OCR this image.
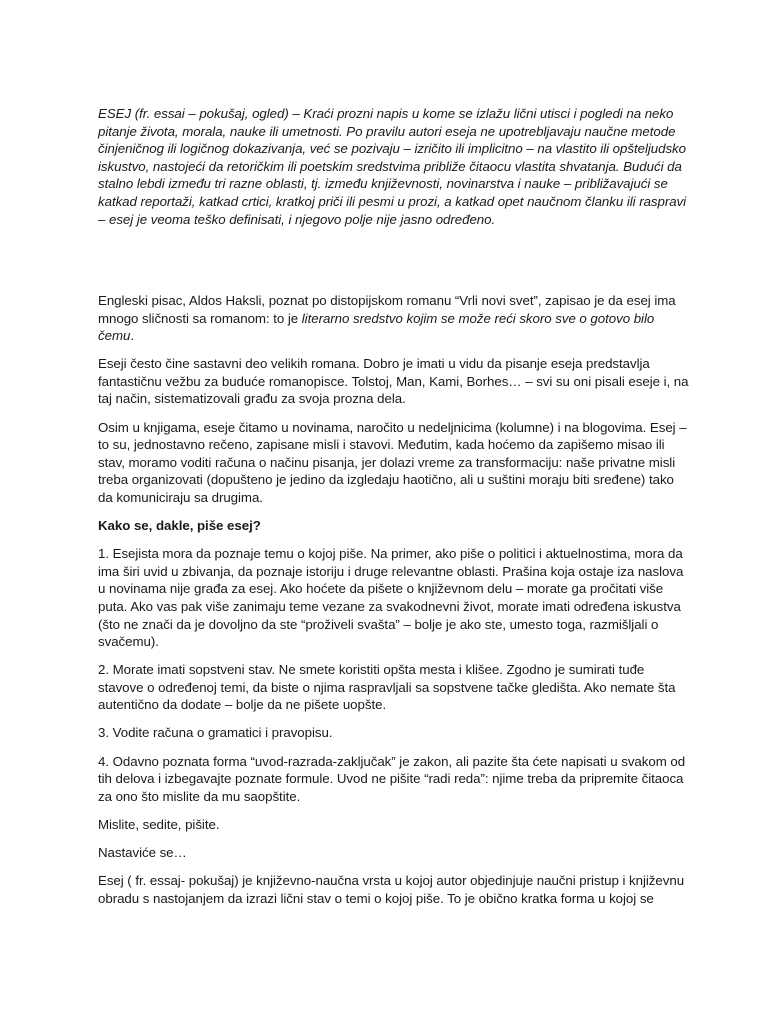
ESEJ (fr. essai – pokušaj, ogled) – Kraći prozni napis u kome se izlažu lični utisci i pogledi na neko pitanje života, morala, nauke ili umetnosti. Po pravilu autori eseja ne upotrebljavaju naučne metode činjeničnog ili logičnog dokazivanja, već se pozivaju – izričito ili implicitno – na vlastito ili opšteljudsko iskustvo, nastojeći da retoričkim ili poetskim sredstvima približe čitaocu vlastita shvatanja. Budući da stalno lebdi između tri razne oblasti, tj. između književnosti, novinarstva i nauke – približavajući se katkad reportaži, katkad crtici, kratkoj priči ili pesmi u prozi, a katkad opet naučnom članku ili raspravi – esej je veoma teško definisati, i njegovo polje nije jasno određeno.

Engleski pisac, Aldos Haksli, poznat po distopijskom romanu “Vrli novi svet”, zapisao je da esej ima mnogo sličnosti sa romanom: to je literarno sredstvo kojim se može reći skoro sve o gotovo bilo čemu.

Eseji često čine sastavni deo velikih romana. Dobro je imati u vidu da pisanje eseja predstavlja fantastičnu vežbu za buduće romanopisce. Tolstoj, Man, Kami, Borhes… – svi su oni pisali eseje i, na taj način, sistematizovali građu za svoja prozna dela.

Osim u knjigama, eseje čitamo u novinama, naročito u nedeljnicima (kolumne) i na blogovima. Esej – to su, jednostavno rečeno, zapisane misli i stavovi. Međutim, kada hoćemo da zapišemo misao ili stav, moramo voditi računa o načinu pisanja, jer dolazi vreme za transformaciju: naše privatne misli treba organizovati (dopušteno je jedino da izgledaju haotično, ali u suštini moraju biti sređene) tako da komuniciraju sa drugima.

Kako se, dakle, piše esej?

1. Esejista mora da poznaje temu o kojoj piše. Na primer, ako piše o politici i aktuelnostima, mora da ima širi uvid u zbivanja, da poznaje istoriju i druge relevantne oblasti. Prašina koja ostaje iza naslova u novinama nije građa za esej. Ako hoćete da pišete o književnom delu – morate ga pročitati više puta. Ako vas pak više zanimaju teme vezane za svakodnevni život, morate imati određena iskustva (što ne znači da je dovoljno da ste “proživeli svašta” – bolje je ako ste, umesto toga, razmišljali o svačemu).

2. Morate imati sopstveni stav. Ne smete koristiti opšta mesta i klišee. Zgodno je sumirati tuđe stavove o određenoj temi, da biste o njima raspravljali sa sopstvene tačke gledišta. Ako nemate šta autentično da dodate – bolje da ne pišete uopšte.

3. Vodite računa o gramatici i pravopisu.

4. Odavno poznata forma “uvod-razrada-zaključak” je zakon, ali pazite šta ćete napisati u svakom od tih delova i izbegavajte poznate formule. Uvod ne pišite “radi reda”: njime treba da pripremite čitaoca za ono što mislite da mu saopštite.

Mislite, sedite, pišite.

Nastaviće se…

Esej ( fr. essaj- pokušaj) je književno-naučna vrsta u kojoj autor objedinjuje naučni pristup i književnu obradu s nastojanjem da izrazi lični stav o temi o kojoj piše. To je obično kratka forma u kojoj se
